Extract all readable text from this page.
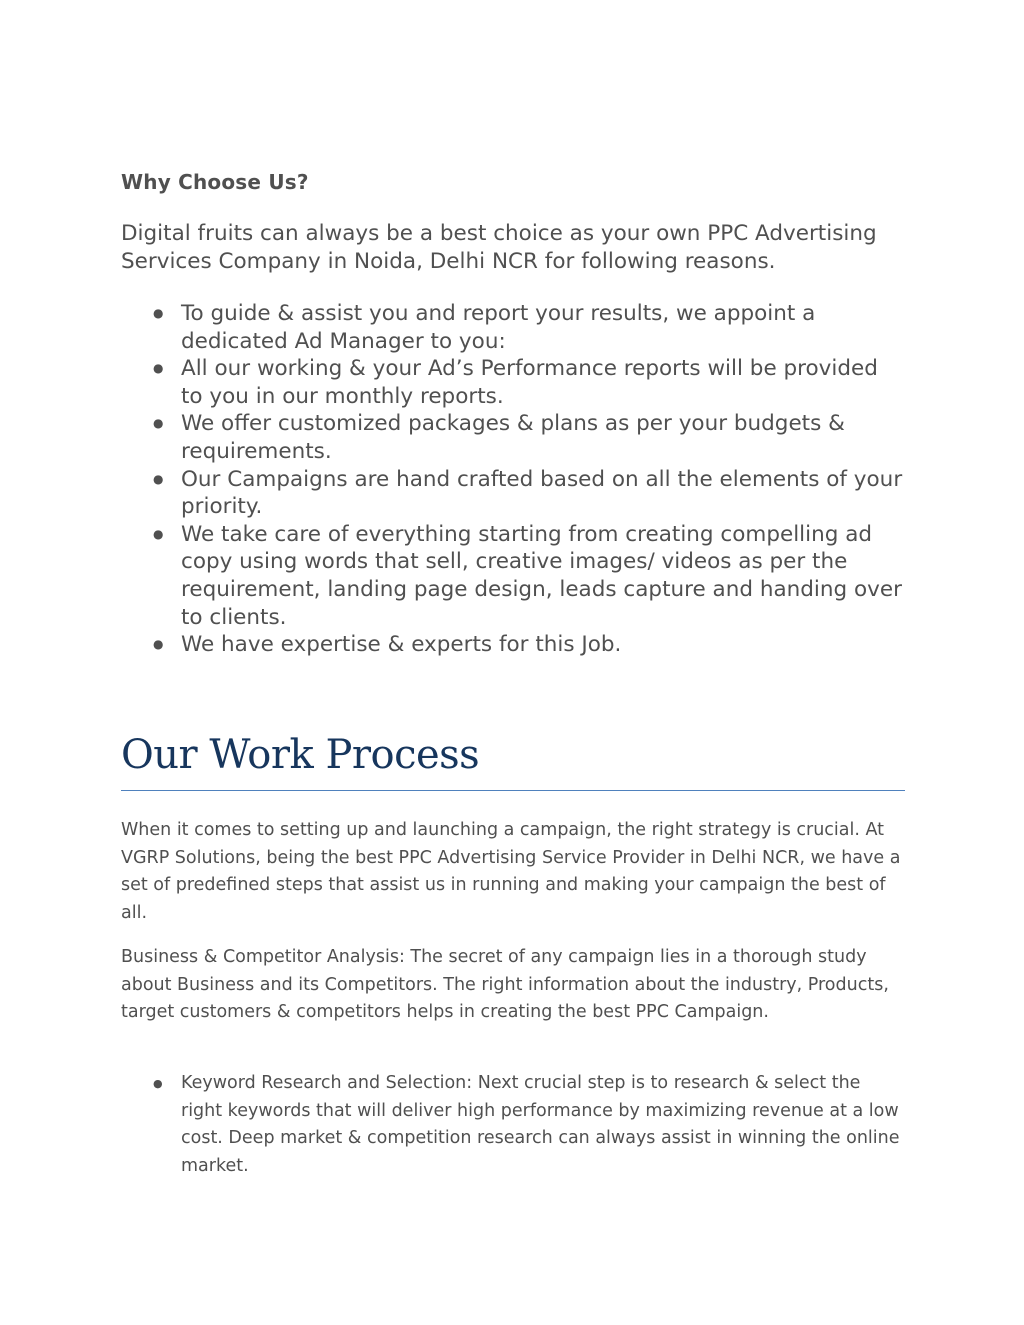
Why Choose Us?

Digital fruits can always be a best choice as your own PPC Advertising Services Company in Noida, Delhi NCR for following reasons.

● To guide & assist you and report your results, we appoint a dedicated Ad Manager to you:
● All our working & your Ad’s Performance reports will be provided to you in our monthly reports.
● We offer customized packages & plans as per your budgets & requirements.
● Our Campaigns are hand crafted based on all the elements of your priority.
● We take care of everything starting from creating compelling ad copy using words that sell, creative images/ videos as per the requirement, landing page design, leads capture and handing over to clients.
● We have expertise & experts for this Job.
Our Work Process

When it comes to setting up and launching a campaign, the right strategy is crucial. At VGRP Solutions, being the best PPC Advertising Service Provider in Delhi NCR, we have a set of predefined steps that assist us in running and making your campaign the best of all.

Business & Competitor Analysis: The secret of any campaign lies in a thorough study about Business and its Competitors. The right information about the industry, Products, target customers & competitors helps in creating the best PPC Campaign.

● Keyword Research and Selection: Next crucial step is to research & select the right keywords that will deliver high performance by maximizing revenue at a low cost. Deep market & competition research can always assist in winning the online market.
